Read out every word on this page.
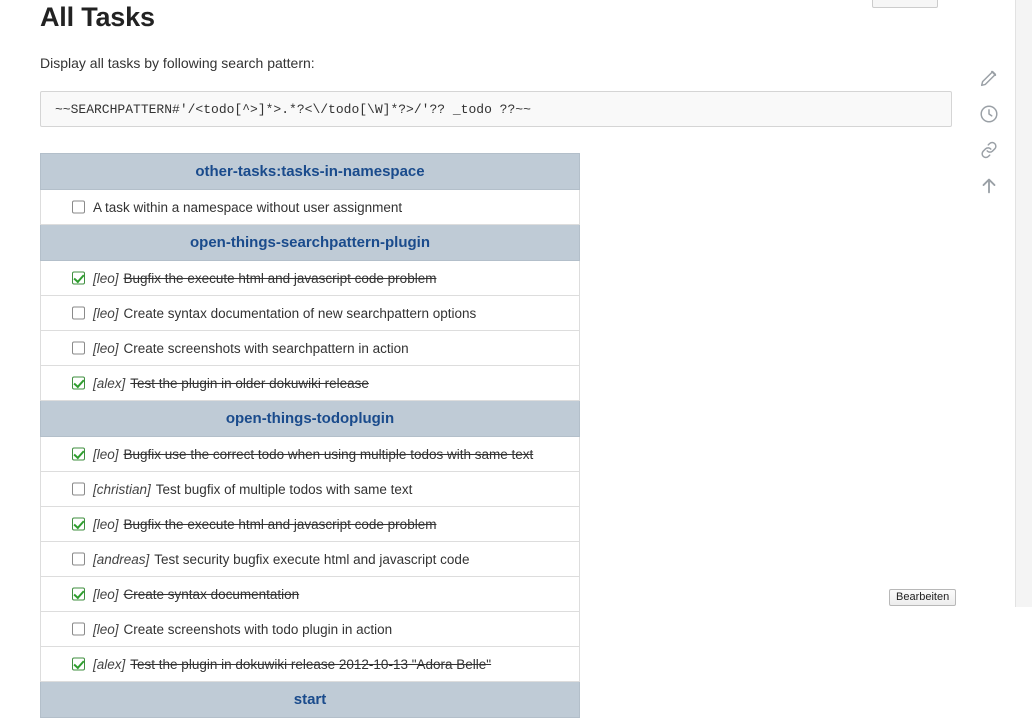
All Tasks

Display all tasks by following search pattern:

~~SEARCHPATTERN#'/<todo[^>]*>.*?<\/todo[\W]*?>/'?? _todo ??~~
other-tasks:tasks-in-namespace

A task within a namespace without user assignment
open-things-searchpattern-plugin

[leo] Bugfix the execute html and javascript code problem

[leo] Create syntax documentation of new searchpattern options

[leo] Create screenshots with searchpattern in action

[alex] Test the plugin in older dokuwiki release
open-things-todoplugin

[leo] Bugfix use the correct todo when using multiple todos with same text

[christian] Test bugfix of multiple todos with same text

[leo] Bugfix the execute html and javascript code problem

[andreas] Test security bugfix execute html and javascript code

[leo] Create syntax documentation

[leo] Create screenshots with todo plugin in action

[alex] Test the plugin in dokuwiki release 2012-10-13 "Adora Belle"
start
Bearbeiten
